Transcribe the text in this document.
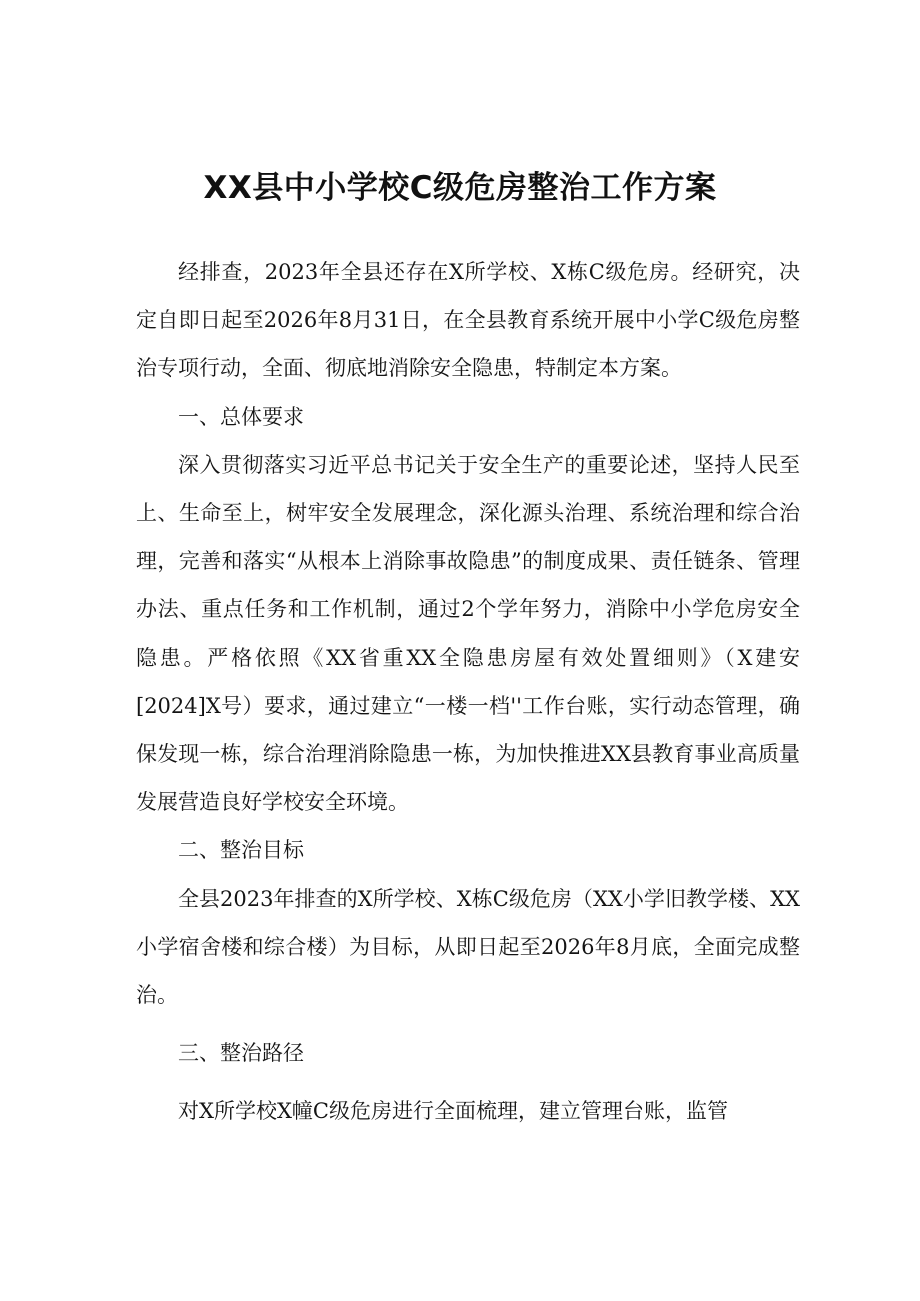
XX县中小学校C级危房整治工作方案

经排查，2023年全县还存在X所学校、X栋C级危房。经研究，决定自即日起至2026年8月31日，在全县教育系统开展中小学C级危房整治专项行动，全面、彻底地消除安全隐患，特制定本方案。

一、总体要求

深入贯彻落实习近平总书记关于安全生产的重要论述，坚持人民至上、生命至上，树牢安全发展理念，深化源头治理、系统治理和综合治理，完善和落实“从根本上消除事故隐患”的制度成果、责任链条、管理办法、重点任务和工作机制，通过2个学年努力，消除中小学危房安全隐患。严格依照《XX省重XX全隐患房屋有效处置细则》（X建安[2024]X号）要求，通过建立“一楼一档''工作台账，实行动态管理，确保发现一栋，综合治理消除隐患一栋，为加快推进XX县教育事业高质量发展营造良好学校安全环境。

二、整治目标

全县2023年排查的X所学校、X栋C级危房（XX小学旧教学楼、XX小学宿舍楼和综合楼）为目标，从即日起至2026年8月底，全面完成整治。

三、整治路径

对X所学校X幢C级危房进行全面梳理，建立管理台账，监管
